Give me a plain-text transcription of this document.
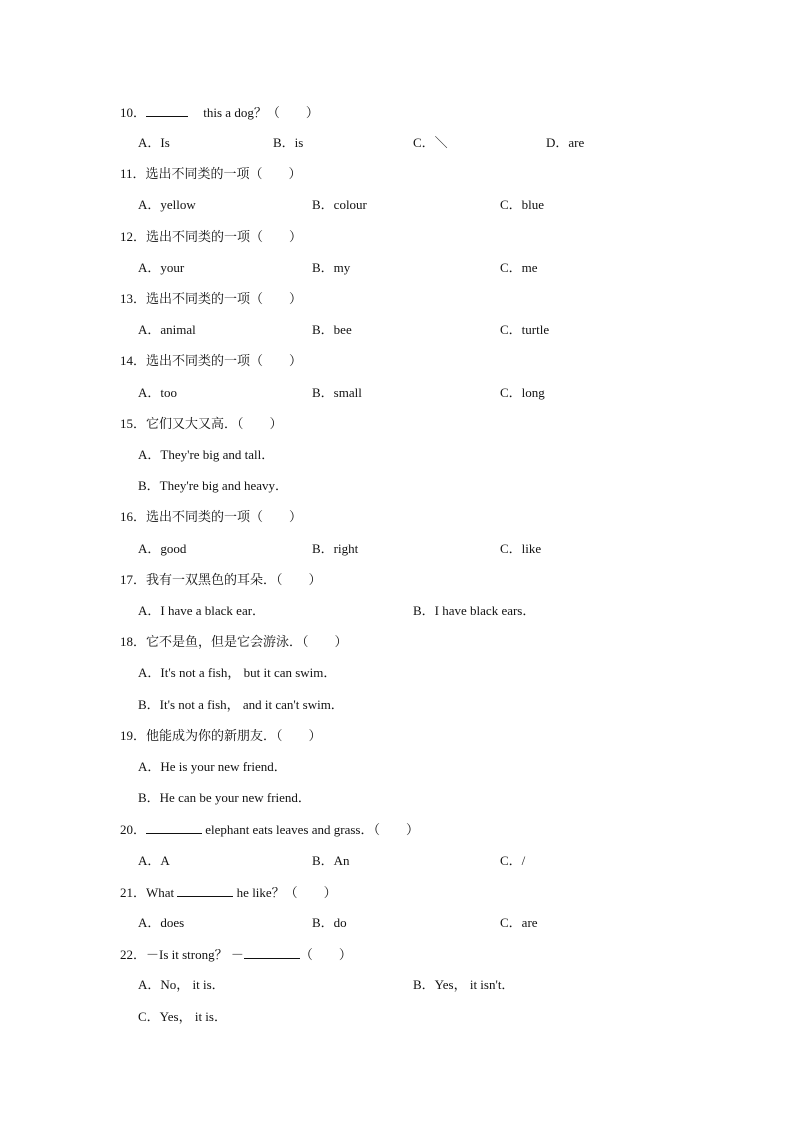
10．	this a dog？（　　）
A．Is	B．is	C．＼	D．are
11．选出不同类的一项（　　）
A．yellow	B．colour	C．blue
12．选出不同类的一项（　　）
A．your	B．my	C．me
13．选出不同类的一项（　　）
A．animal	B．bee	C．turtle
14．选出不同类的一项（　　）
A．too	B．small	C．long
15．它们又大又高．（　　）
A．They're big and tall．
B．They're big and heavy．
16．选出不同类的一项（　　）
A．good	B．right	C．like
17．我有一双黑色的耳朵．（　　）
A．I have a black ear．	B．I have black ears．
18．它不是鱼，但是它会游泳．（　　）
A．It's not a fish， but it can swim．
B．It's not a fish， and it can't swim．
19．他能成为你的新朋友．（　　）
A．He is your new friend．
B．He can be your new friend．
20．	elephant eats leaves and grass．（　　）
A．A	B．An	C．/
21．What	he like？（　　）
A．does	B．do	C．are
22．－Is it strong？ －	（　　）
A．No， it is．	B．Yes， it isn't．
C．Yes， it is．
